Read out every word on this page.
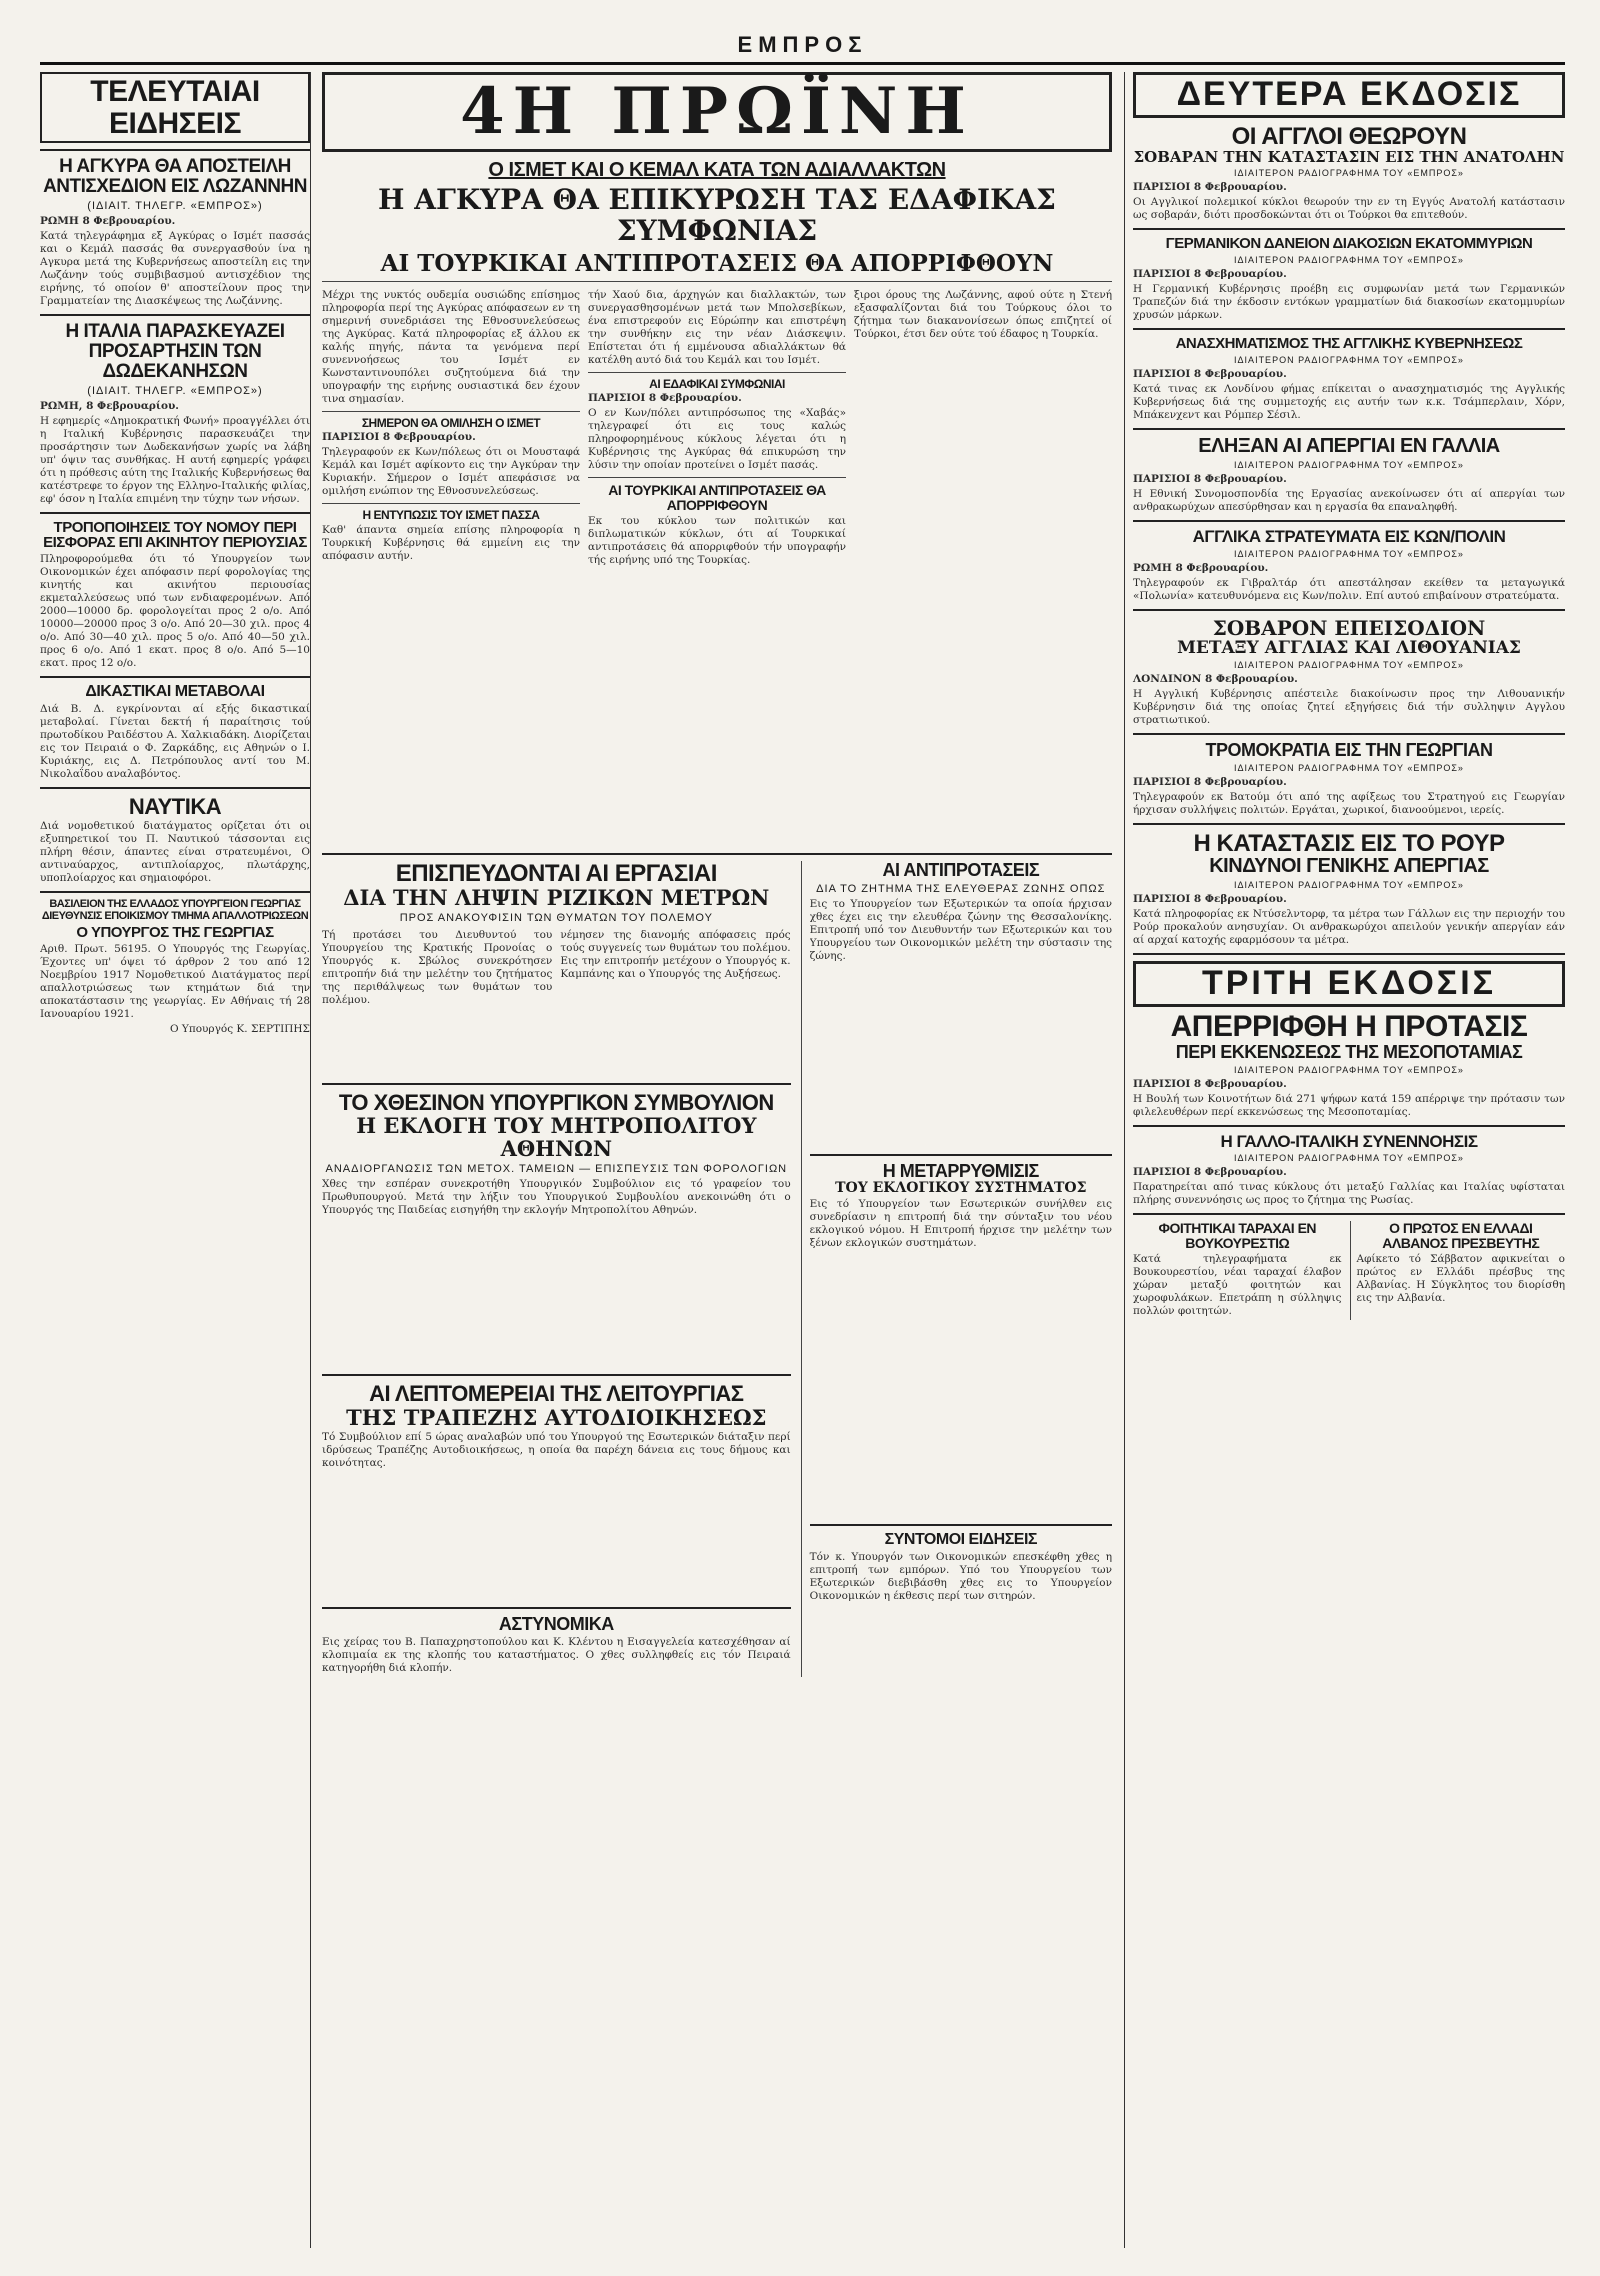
ΕΜΠΡΟΣ
ΤΕΛΕΥΤΑΙΑΙ ΕΙΔΗΣΕΙΣ
Η ΑΓΚΥΡΑ ΘΑ ΑΠΟΣΤΕΙΛΗ ΑΝΤΙΣΧΕΔΙΟΝ ΕΙΣ ΛΩΖΑΝΝΗΝ
(ΙΔΙΑΙΤ. ΤΗΛΕΓΡ. «ΕΜΠΡΟΣ»)
ΡΩΜΗ 8 Φεβρουαρίου.
Κατά τηλεγράφημα εξ Αγκύρας ο Ισμέτ πασσάς και ο Κεμάλ πασσάς θα συνεργασθούν ίνα η Αγκυρα μετά της Κυβερνήσεως αποστείλη εις την Λωζάνην τούς συμβιβασμού αντισχέδιον της ειρήνης, τό οποίον θ' αποστείλουν προς την Γραμματείαν της Διασκέψεως της Λωζάννης.
Η ΙΤΑΛΙΑ ΠΑΡΑΣΚΕΥΑΖΕΙ ΠΡΟΣΑΡΤΗΣΙΝ ΤΩΝ ΔΩΔΕΚΑΝΗΣΩΝ
(ΙΔΙΑΙΤ. ΤΗΛΕΓΡ. «ΕΜΠΡΟΣ»)
ΡΩΜΗ, 8 Φεβρουαρίου.
Η εφημερίς «Δημοκρατική Φωνή» προαγγέλλει ότι η Ιταλική Κυβέρνησις παρασκευάζει την προσάρτησιν των Δωδεκανήσων χωρίς να λάβη υπ' όψιν τας συνθήκας. Η αυτή εφημερίς γράφει ότι η πρόθεσις αύτη της Ιταλικής Κυβερνήσεως θα κατέστρεφε το έργον της Ελληνο-Ιταλικής φιλίας, εφ' όσον η Ιταλία επιμένη την τύχην των νήσων.
ΤΡΟΠΟΠΟΙΗΣΕΙΣ ΤΟΥ ΝΟΜΟΥ ΠΕΡΙ ΕΙΣΦΟΡΑΣ ΕΠΙ ΑΚΙΝΗΤΟΥ ΠΕΡΙΟΥΣΙΑΣ
Πληροφορούμεθα ότι τό Υπουργείον των Οικονομικών έχει απόφασιν περί φορολογίας της κινητής και ακινήτου περιουσίας εκμεταλλεύσεως υπό των ενδιαφερομένων. Από 2000—10000 δρ. φορολογείται προς 2 ο/ο. Από 10000—20000 προς 3 ο/ο. Από 20—30 χιλ. προς 4 ο/ο. Από 30—40 χιλ. προς 5 ο/ο. Από 40—50 χιλ. προς 6 ο/ο. Από 1 εκατ. προς 8 ο/ο. Από 5—10 εκατ. προς 12 ο/ο.
ΔΙΚΑΣΤΙΚΑΙ ΜΕΤΑΒΟΛΑΙ
Διά Β. Δ. εγκρίνονται αί εξής δικαστικαί μεταβολαί. Γίνεται δεκτή ή παραίτησις τού πρωτοδίκου Ραιδέστου Α. Χαλκιαδάκη. Διορίζεται εις τον Πειραιά ο Φ. Ζαρκάδης, εις Αθηνών ο Ι. Κυριάκης, εις Δ. Πετρόπουλος αντί του Μ. Νικολαΐδου αναλαβόντος.
ΝΑΥΤΙΚΑ
Διά νομοθετικού διατάγματος ορίζεται ότι οι εξυπηρετικοί του Π. Ναυτικού τάσσονται εις πλήρη θέσιν, άπαντες είναι στρατευμένοι, Ο αντιναύαρχος, αντιπλοίαρχος, πλωτάρχης, υποπλοίαρχος και σημαιοφόροι.
ΒΑΣΙΛΕΙΟΝ ΤΗΣ ΕΛΛΑΔΟΣ ΥΠΟΥΡΓΕΙΟΝ ΓΕΩΡΓΙΑΣ ΔΙΕΥΘΥΝΣΙΣ ΕΠΟΙΚΙΣΜΟΥ ΤΜΗΜΑ ΑΠΑΛΛΟΤΡΙΩΣΕΩΝ
Ο ΥΠΟΥΡΓΟΣ ΤΗΣ ΓΕΩΡΓΙΑΣ
Αριθ. Πρωτ. 56195. Ο Υπουργός της Γεωργίας. Έχοντες υπ' όψει τό άρθρον 2 του από 12 Νοεμβρίου 1917 Νομοθετικού Διατάγματος περί απαλλοτριώσεως των κτημάτων διά την αποκατάστασιν της γεωργίας. Εν Αθήναις τή 28 Ιανουαρίου 1921.
Ο Υπουργός Κ. ΣΕΡΤΙΠΗΣ
4Η ΠΡΩΪΝΗ
Ο ΙΣΜΕΤ ΚΑΙ Ο ΚΕΜΑΛ ΚΑΤΑ ΤΩΝ ΑΔΙΑΛΛΑΚΤΩΝ
Η ΑΓΚΥΡΑ ΘΑ ΕΠΙΚΥΡΩΣΗ ΤΑΣ ΕΔΑΦΙΚΑΣ ΣΥΜΦΩΝΙΑΣ
ΑΙ ΤΟΥΡΚΙΚΑΙ ΑΝΤΙΠΡΟΤΑΣΕΙΣ ΘΑ ΑΠΟΡΡΙΦΘΟΥΝ
Μέχρι της νυκτός ουδεμία ουσιώδης επίσημος πληροφορία περί της Αγκύρας απόφασεων εν τη σημερινή συνεδριάσει της Εθνοσυνελεύσεως της Αγκύρας. Κατά πληροφορίας εξ άλλου εκ καλής πηγής, πάντα τα γενόμενα περί συνεννοήσεως του Ισμέτ εν Κωνσταντινουπόλει συζητούμενα διά την υπογραφήν της ειρήνης ουσιαστικά δεν έχουν τινα σημασίαν.
ΣΗΜΕΡΟΝ ΘΑ ΟΜΙΛΗΣΗ Ο ΙΣΜΕΤ
ΠΑΡΙΣΙΟΙ 8 Φεβρουαρίου.
Τηλεγραφούν εκ Κων/πόλεως ότι οι Μουσταφά Κεμάλ και Ισμέτ αφίκοντο εις την Αγκύραν την Κυριακήν. Σήμερον ο Ισμέτ απεφάσισε να ομιλήση ενώπιον της Εθνοσυνελεύσεως.
Η ΕΝΤΥΠΩΣΙΣ ΤΟΥ ΙΣΜΕΤ ΠΑΣΣΑ
Καθ' άπαντα σημεία επίσης πληροφορία η Τουρκική Κυβέρνησις θά εμμείνη εις την απόφασιν αυτήν.
τήν Χαού δια, άρχηγών και διαλλακτών, των συνεργασθησομένων μετά των Μπολσεβίκων, ένα επιστρεφούν εις Εύρώπην και επιστρέψη την συνθήκην εις την νέαν Διάσκεψιν. Επίστεται ότι ή εμμένουσα αδιαλλάκτων θά κατέλθη αυτό διά του Κεμάλ και του Ισμέτ.
ΑΙ ΕΔΑΦΙΚΑΙ ΣΥΜΦΩΝΙΑΙ
ΠΑΡΙΣΙΟΙ 8 Φεβρουαρίου.
Ο εν Κων/πόλει αντιπρόσωπος της «Χαβάς» τηλεγραφεί ότι εις τους καλώς πληροφορημένους κύκλους λέγεται ότι η Κυβέρνησις της Αγκύρας θά επικυρώση την λύσιν την οποίαν προτείνει ο Ισμέτ πασάς.
ΑΙ ΤΟΥΡΚΙΚΑΙ ΑΝΤΙΠΡΟΤΑΣΕΙΣ ΘΑ ΑΠΟΡΡΙΦΘΟΥΝ
Εκ του κύκλου των πολιτικών και διπλωματικών κύκλων, ότι αί Τουρκικαί αντιπροτάσεις θά απορριφθούν τήν υπογραφήν τής ειρήνης υπό της Τουρκίας.
ξιροι όρους της Λωζάννης, αφού ούτε η Στενή εξασφαλίζονται διά του Τούρκους όλοι το ζήτημα των διακανονίσεων όπως επιζητεί οί Τούρκοι, έτσι δεν ούτε τού έδαφος η Τουρκία.
ΕΠΙΣΠΕΥΔΟΝΤΑΙ ΑΙ ΕΡΓΑΣΙΑΙ
ΔΙΑ ΤΗΝ ΛΗΨΙΝ ΡΙΖΙΚΩΝ ΜΕΤΡΩΝ
ΠΡΟΣ ΑΝΑΚΟΥΦΙΣΙΝ ΤΩΝ ΘΥΜΑΤΩΝ ΤΟΥ ΠΟΛΕΜΟΥ
Τή προτάσει του Διευθυντού του Υπουργείου της Κρατικής Προνοίας ο Υπουργός κ. Σβώλος συνεκρότησεν επιτροπήν διά την μελέτην του ζητήματος της περιθάλψεως των θυμάτων του πολέμου.
νέμησεν της διανομής απόφασεις πρός τούς συγγενείς των θυμάτων του πολέμου. Εις την επιτροπήν μετέχουν ο Υπουργός κ. Καμπάνης και ο Υπουργός της Αυξήσεως.
ΤΟ ΧΘΕΣΙΝΟΝ ΥΠΟΥΡΓΙΚΟΝ ΣΥΜΒΟΥΛΙΟΝ
Η ΕΚΛΟΓΗ ΤΟΥ ΜΗΤΡΟΠΟΛΙΤΟΥ ΑΘΗΝΩΝ
ΑΝΑΔΙΟΡΓΑΝΩΣΙΣ ΤΩΝ ΜΕΤΟΧ. ΤΑΜΕΙΩΝ — ΕΠΙΣΠΕΥΣΙΣ ΤΩΝ ΦΟΡΟΛΟΓΙΩΝ
Χθες την εσπέραν συνεκροτήθη Υπουργικόν Συμβούλιον εις τό γραφείον του Πρωθυπουργού. Μετά την λήξιν του Υπουργικού Συμβουλίου ανεκοινώθη ότι ο Υπουργός της Παιδείας εισηγήθη την εκλογήν Μητροπολίτου Αθηνών.
ΑΙ ΛΕΠΤΟΜΕΡΕΙΑΙ ΤΗΣ ΛΕΙΤΟΥΡΓΙΑΣ
ΤΗΣ ΤΡΑΠΕΖΗΣ ΑΥΤΟΔΙΟΙΚΗΣΕΩΣ
Τό Συμβούλιον επί 5 ώρας αναλαβών υπό του Υπουργού της Εσωτερικών διάταξιν περί ιδρύσεως Τραπέζης Αυτοδιοικήσεως, η οποία θα παρέχη δάνεια εις τους δήμους και κοινότητας.
ΑΣΤΥΝΟΜΙΚΑ
Εις χείρας του Β. Παπαχρηστοπούλου και Κ. Κλέντου η Εισαγγελεία κατεσχέθησαν αί κλοπιμαία εκ της κλοπής του καταστήματος. Ο χθες συλληφθείς εις τόν Πειραιά κατηγορήθη διά κλοπήν.
ΑΙ ΑΝΤΙΠΡΟΤΑΣΕΙΣ
ΔΙΑ ΤΟ ΖΗΤΗΜΑ ΤΗΣ ΕΛΕΥΘΕΡΑΣ ΖΩΝΗΣ ΟΠΩΣ
Εις το Υπουργείον των Εξωτερικών τα οποία ήρχισαν χθες έχει εις την ελευθέρα ζώνην της Θεσσαλονίκης. Επιτροπή υπό τον Διευθυντήν των Εξωτερικών και του Υπουργείου των Οικονομικών μελέτη την σύστασιν της ζώνης.
Η ΜΕΤΑΡΡΥΘΜΙΣΙΣ
ΤΟΥ ΕΚΛΟΓΙΚΟΥ ΣΥΣΤΗΜΑΤΟΣ
Εις τό Υπουργείον των Εσωτερικών συνήλθεν εις συνεδρίασιν η επιτροπή διά την σύνταξιν του νέου εκλογικού νόμου. Η Επιτροπή ήρχισε την μελέτην των ξένων εκλογικών συστημάτων.
ΣΥΝΤΟΜΟΙ ΕΙΔΗΣΕΙΣ
Τόν κ. Υπουργόν των Οικονομικών επεσκέφθη χθες η επιτροπή των εμπόρων. Υπό του Υπουργείου των Εξωτερικών διεβιβάσθη χθες εις το Υπουργείον Οικονομικών η έκθεσις περί των σιτηρών.
ΔΕΥΤΕΡΑ ΕΚΔΟΣΙΣ
ΟΙ ΑΓΓΛΟΙ ΘΕΩΡΟΥΝ
ΣΟΒΑΡΑΝ ΤΗΝ ΚΑΤΑΣΤΑΣΙΝ ΕΙΣ ΤΗΝ ΑΝΑΤΟΛΗΝ
ΙΔΙΑΙΤΕΡΟΝ ΡΑΔΙΟΓΡΑΦΗΜΑ ΤΟΥ «ΕΜΠΡΟΣ»
ΠΑΡΙΣΙΟΙ 8 Φεβρουαρίου.
Οι Αγγλικοί πολεμικοί κύκλοι θεωρούν την εν τη Εγγύς Ανατολή κατάστασιν ως σοβαράν, διότι προσδοκώνται ότι οι Τούρκοι θα επιτεθούν.
ΓΕΡΜΑΝΙΚΟΝ ΔΑΝΕΙΟΝ ΔΙΑΚΟΣΙΩΝ ΕΚΑΤΟΜΜΥΡΙΩΝ
ΙΔΙΑΙΤΕΡΟΝ ΡΑΔΙΟΓΡΑΦΗΜΑ ΤΟΥ «ΕΜΠΡΟΣ»
ΠΑΡΙΣΙΟΙ 8 Φεβρουαρίου.
Η Γερμανική Κυβέρνησις προέβη εις συμφωνίαν μετά των Γερμανικών Τραπεζών διά την έκδοσιν εντόκων γραμματίων διά διακοσίων εκατομμυρίων χρυσών μάρκων.
ΑΝΑΣΧΗΜΑΤΙΣΜΟΣ ΤΗΣ ΑΓΓΛΙΚΗΣ ΚΥΒΕΡΝΗΣΕΩΣ
ΙΔΙΑΙΤΕΡΟΝ ΡΑΔΙΟΓΡΑΦΗΜΑ ΤΟΥ «ΕΜΠΡΟΣ»
ΠΑΡΙΣΙΟΙ 8 Φεβρουαρίου.
Κατά τινας εκ Λονδίνου φήμας επίκειται ο ανασχηματισμός της Αγγλικής Κυβερνήσεως διά της συμμετοχής εις αυτήν των κ.κ. Τσάμπερλαιν, Χόρν, Μπάκενχεντ και Ρόμπερ Σέσιλ.
ΕΛΗΞΑΝ ΑΙ ΑΠΕΡΓΙΑΙ ΕΝ ΓΑΛΛΙΑ
ΙΔΙΑΙΤΕΡΟΝ ΡΑΔΙΟΓΡΑΦΗΜΑ ΤΟΥ «ΕΜΠΡΟΣ»
ΠΑΡΙΣΙΟΙ 8 Φεβρουαρίου.
Η Εθνική Συνομοσπονδία της Εργασίας ανεκοίνωσεν ότι αί απεργίαι των ανθρακωρύχων απεσύρθησαν και η εργασία θα επαναληφθή.
ΑΓΓΛΙΚΑ ΣΤΡΑΤΕΥΜΑΤΑ ΕΙΣ ΚΩΝ/ΠΟΛΙΝ
ΙΔΙΑΙΤΕΡΟΝ ΡΑΔΙΟΓΡΑΦΗΜΑ ΤΟΥ «ΕΜΠΡΟΣ»
ΡΩΜΗ 8 Φεβρουαρίου.
Τηλεγραφούν εκ Γιβραλτάρ ότι απεστάλησαν εκείθεν τα μεταγωγικά «Πολωνία» κατευθυνόμενα εις Κων/πολιν. Επί αυτού επιβαίνουν στρατεύματα.
ΣΟΒΑΡΟΝ ΕΠΕΙΣΟΔΙΟΝ
ΜΕΤΑΞΥ ΑΓΓΛΙΑΣ ΚΑΙ ΛΙΘΟΥΑΝΙΑΣ
ΙΔΙΑΙΤΕΡΟΝ ΡΑΔΙΟΓΡΑΦΗΜΑ ΤΟΥ «ΕΜΠΡΟΣ»
ΛΟΝΔΙΝΟΝ 8 Φεβρουαρίου.
Η Αγγλική Κυβέρνησις απέστειλε διακοίνωσιν προς την Λιθουανικήν Κυβέρνησιν διά της οποίας ζητεί εξηγήσεις διά τήν συλληψιν Αγγλου στρατιωτικού.
ΤΡΟΜΟΚΡΑΤΙΑ ΕΙΣ ΤΗΝ ΓΕΩΡΓΙΑΝ
ΙΔΙΑΙΤΕΡΟΝ ΡΑΔΙΟΓΡΑΦΗΜΑ ΤΟΥ «ΕΜΠΡΟΣ»
ΠΑΡΙΣΙΟΙ 8 Φεβρουαρίου.
Τηλεγραφούν εκ Βατούμ ότι από της αφίξεως του Στρατηγού εις Γεωργίαν ήρχισαν συλλήψεις πολιτών. Εργάται, χωρικοί, διανοούμενοι, ιερείς.
Η ΚΑΤΑΣΤΑΣΙΣ ΕΙΣ ΤΟ ΡΟΥΡ
ΚΙΝΔΥΝΟΙ ΓΕΝΙΚΗΣ ΑΠΕΡΓΙΑΣ
ΙΔΙΑΙΤΕΡΟΝ ΡΑΔΙΟΓΡΑΦΗΜΑ ΤΟΥ «ΕΜΠΡΟΣ»
ΠΑΡΙΣΙΟΙ 8 Φεβρουαρίου.
Κατά πληροφορίας εκ Ντύσελντορφ, τα μέτρα των Γάλλων εις την περιοχήν του Ρούρ προκαλούν ανησυχίαν. Οι ανθρακωρύχοι απειλούν γενικήν απεργίαν εάν αί αρχαί κατοχής εφαρμόσουν τα μέτρα.
ΤΡΙΤΗ ΕΚΔΟΣΙΣ
ΑΠΕΡΡΙΦΘΗ Η ΠΡΟΤΑΣΙΣ
ΠΕΡΙ ΕΚΚΕΝΩΣΕΩΣ ΤΗΣ ΜΕΣΟΠΟΤΑΜΙΑΣ
ΙΔΙΑΙΤΕΡΟΝ ΡΑΔΙΟΓΡΑΦΗΜΑ ΤΟΥ «ΕΜΠΡΟΣ»
ΠΑΡΙΣΙΟΙ 8 Φεβρουαρίου.
Η Βουλή των Κοινοτήτων διά 271 ψήφων κατά 159 απέρριψε την πρότασιν των φιλελευθέρων περί εκκενώσεως της Μεσοποταμίας.
Η ΓΑΛΛΟ-ΙΤΑΛΙΚΗ ΣΥΝΕΝΝΟΗΣΙΣ
ΙΔΙΑΙΤΕΡΟΝ ΡΑΔΙΟΓΡΑΦΗΜΑ ΤΟΥ «ΕΜΠΡΟΣ»
ΠΑΡΙΣΙΟΙ 8 Φεβρουαρίου.
Παρατηρείται από τινας κύκλους ότι μεταξύ Γαλλίας και Ιταλίας υφίσταται πλήρης συνεννόησις ως προς το ζήτημα της Ρωσίας.
ΦΟΙΤΗΤΙΚΑΙ ΤΑΡΑΧΑΙ ΕΝ ΒΟΥΚΟΥΡΕΣΤΙΩ
Κατά τηλεγραφήματα εκ Βουκουρεστίου, νέαι ταραχαί έλαβον χώραν μεταξύ φοιτητών και χωροφυλάκων. Επετράπη η σύλληψις πολλών φοιτητών.
Ο ΠΡΩΤΟΣ ΕΝ ΕΛΛΑΔΙ ΑΛΒΑΝΟΣ ΠΡΕΣΒΕΥΤΗΣ
Αφίκετο τό Σάββατον αφικνείται ο πρώτος εν Ελλάδι πρέσβυς της Αλβανίας. Η Σύγκλητος του διορίσθη εις την Αλβανία.
